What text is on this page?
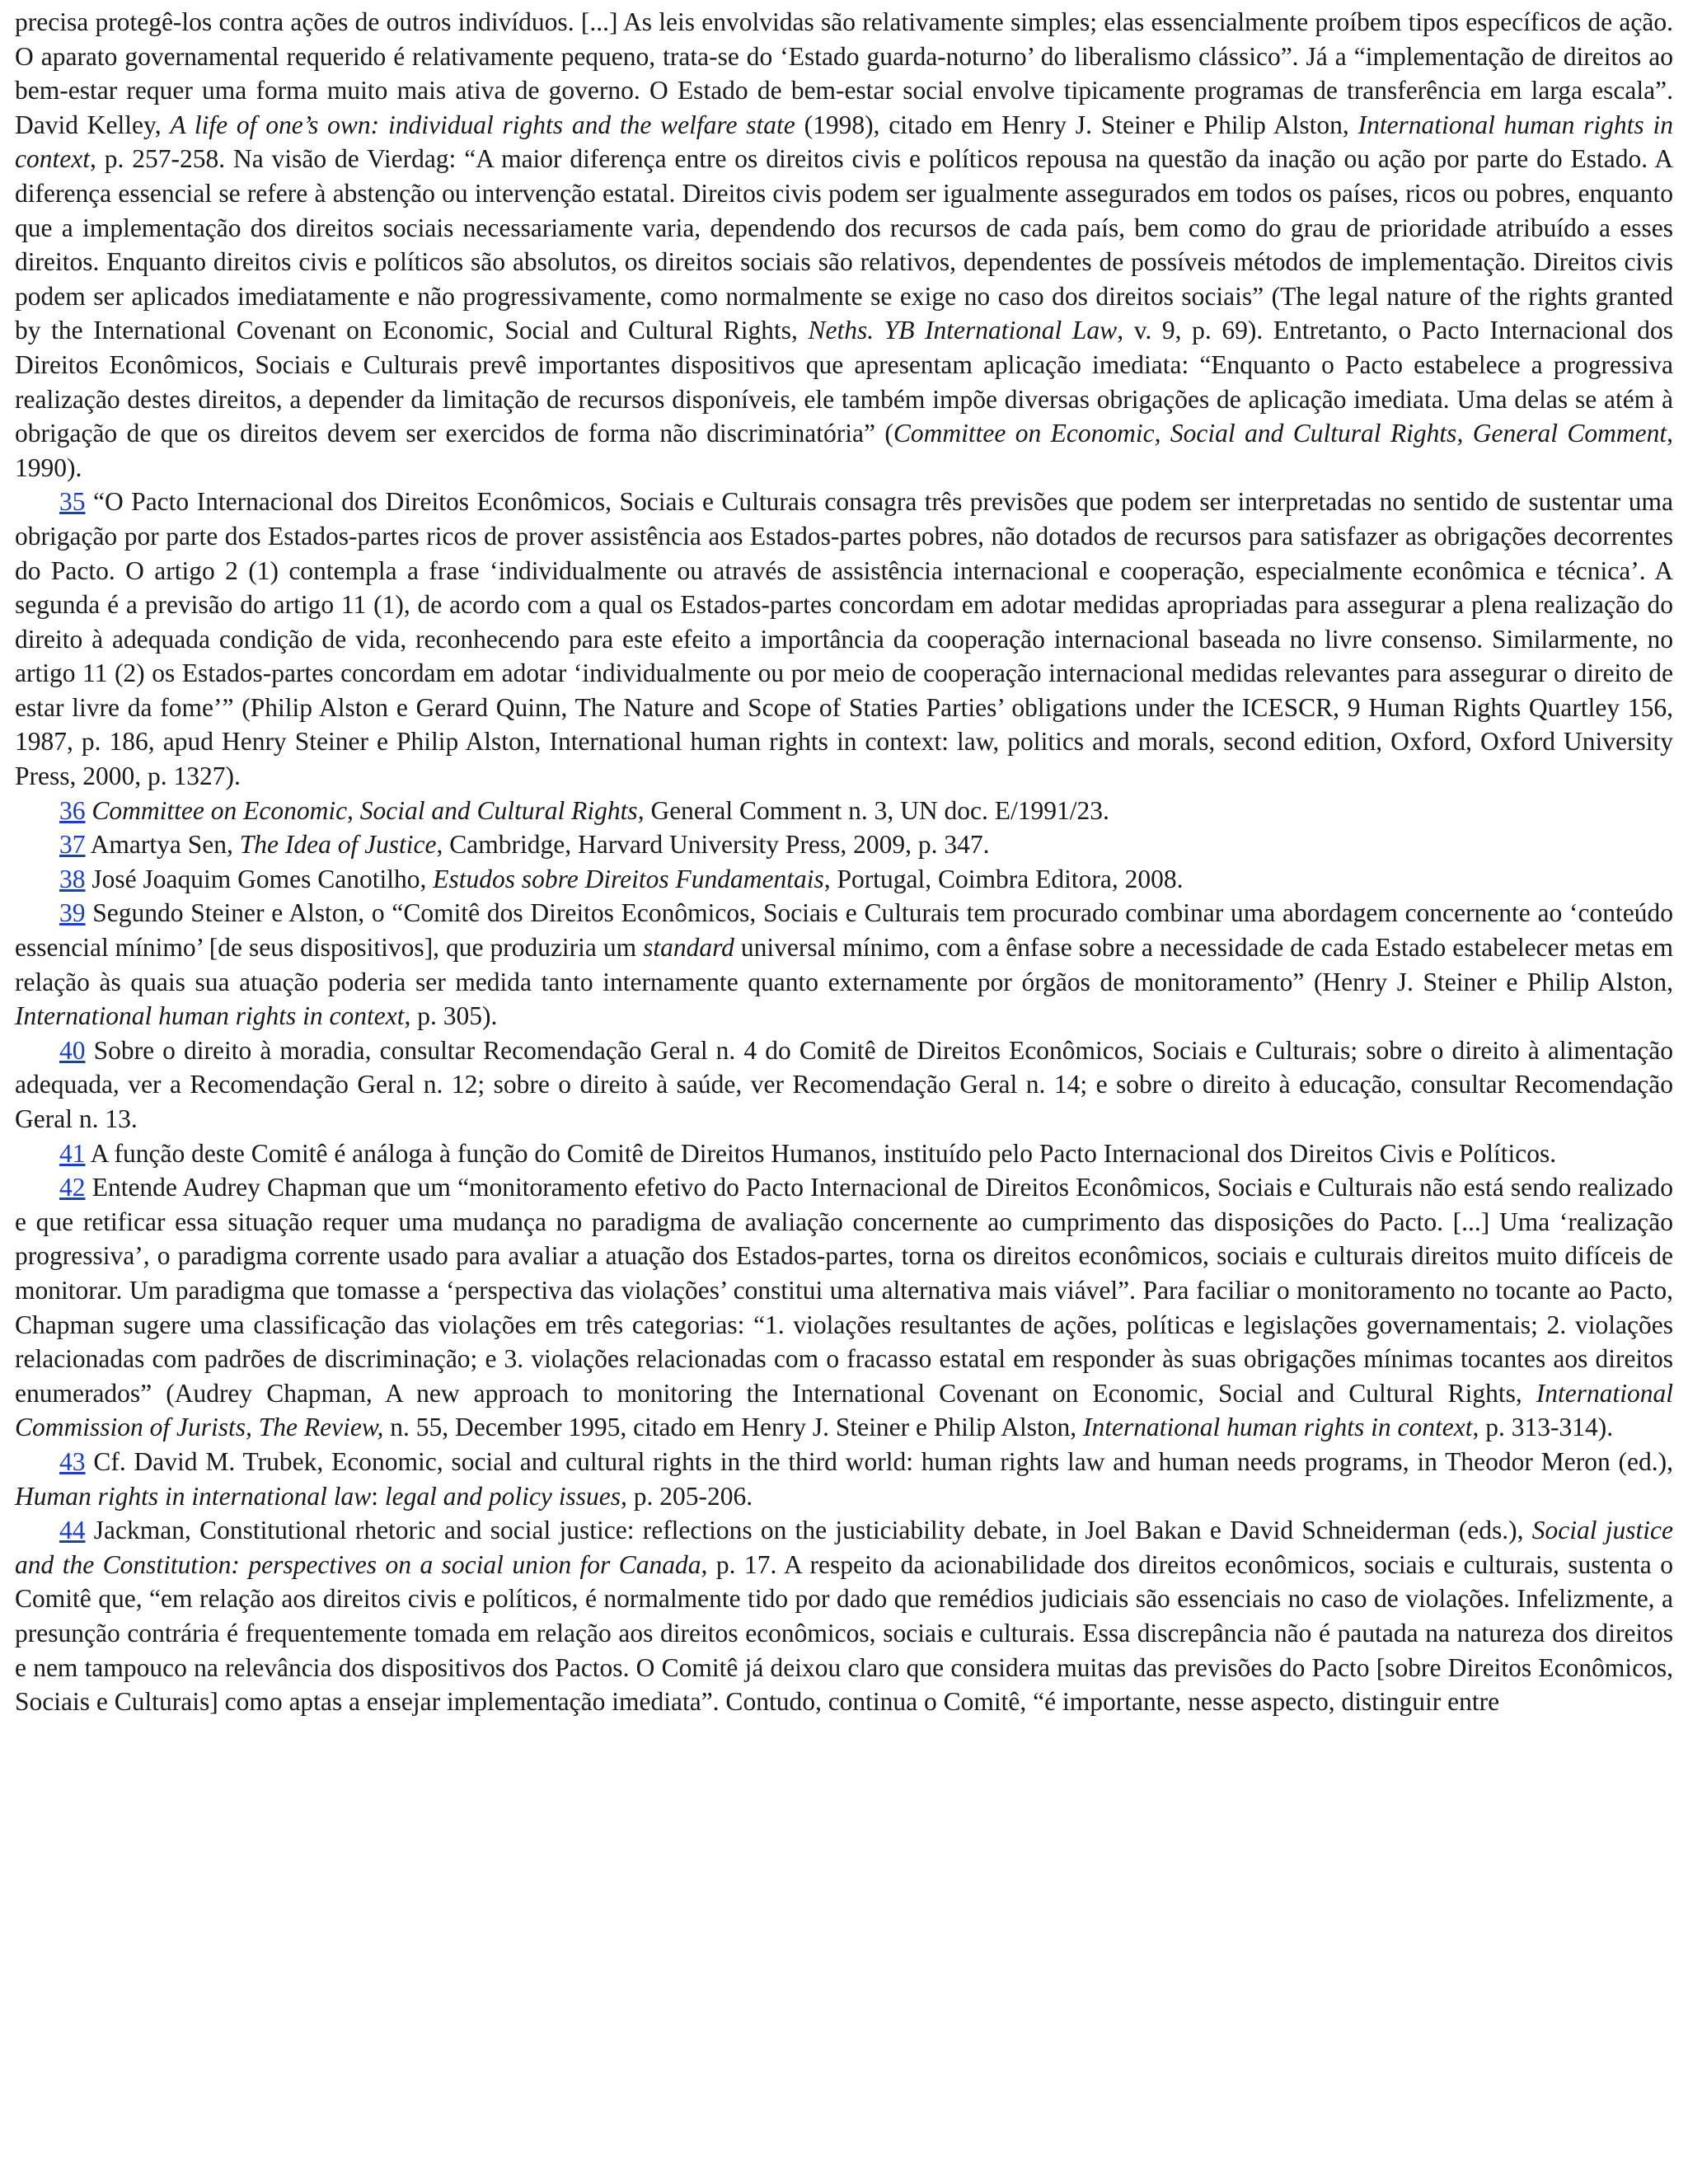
precisa protegê-los contra ações de outros indivíduos. [...] As leis envolvidas são relativamente simples; elas essencialmente proíbem tipos específicos de ação. O aparato governamental requerido é relativamente pequeno, trata-se do ‘Estado guarda-noturno’ do liberalismo clássico”. Já a “implementação de direitos ao bem-estar requer uma forma muito mais ativa de governo. O Estado de bem-estar social envolve tipicamente programas de transferência em larga escala”. David Kelley, A life of one’s own: individual rights and the welfare state (1998), citado em Henry J. Steiner e Philip Alston, International human rights in context, p. 257-258. Na visão de Vierdag: “A maior diferença entre os direitos civis e políticos repousa na questão da inação ou ação por parte do Estado. A diferença essencial se refere à abstenção ou intervenção estatal. Direitos civis podem ser igualmente assegurados em todos os países, ricos ou pobres, enquanto que a implementação dos direitos sociais necessariamente varia, dependendo dos recursos de cada país, bem como do grau de prioridade atribuído a esses direitos. Enquanto direitos civis e políticos são absolutos, os direitos sociais são relativos, dependentes de possíveis métodos de implementação. Direitos civis podem ser aplicados imediatamente e não progressivamente, como normalmente se exige no caso dos direitos sociais” (The legal nature of the rights granted by the International Covenant on Economic, Social and Cultural Rights, Neths. YB International Law, v. 9, p. 69). Entretanto, o Pacto Internacional dos Direitos Econômicos, Sociais e Culturais prevê importantes dispositivos que apresentam aplicação imediata: “Enquanto o Pacto estabelece a progressiva realização destes direitos, a depender da limitação de recursos disponíveis, ele também impõe diversas obrigações de aplicação imediata. Uma delas se atém à obrigação de que os direitos devem ser exercidos de forma não discriminatória” (Committee on Economic, Social and Cultural Rights, General Comment, 1990).

35 “O Pacto Internacional dos Direitos Econômicos, Sociais e Culturais consagra três previsões que podem ser interpretadas no sentido de sustentar uma obrigação por parte dos Estados-partes ricos de prover assistência aos Estados-partes pobres, não dotados de recursos para satisfazer as obrigações decorrentes do Pacto. O artigo 2 (1) contempla a frase ‘individualmente ou através de assistência internacional e cooperação, especialmente econômica e técnica’. A segunda é a previsão do artigo 11 (1), de acordo com a qual os Estados-partes concordam em adotar medidas apropriadas para assegurar a plena realização do direito à adequada condição de vida, reconhecendo para este efeito a importância da cooperação internacional baseada no livre consenso. Similarmente, no artigo 11 (2) os Estados-partes concordam em adotar ‘individualmente ou por meio de cooperação internacional medidas relevantes para assegurar o direito de estar livre da fome’” (Philip Alston e Gerard Quinn, The Nature and Scope of Staties Parties’ obligations under the ICESCR, 9 Human Rights Quartley 156, 1987, p. 186, apud Henry Steiner e Philip Alston, International human rights in context: law, politics and morals, second edition, Oxford, Oxford University Press, 2000, p. 1327).

36 Committee on Economic, Social and Cultural Rights, General Comment n. 3, UN doc. E/1991/23.

37 Amartya Sen, The Idea of Justice, Cambridge, Harvard University Press, 2009, p. 347.

38 José Joaquim Gomes Canotilho, Estudos sobre Direitos Fundamentais, Portugal, Coimbra Editora, 2008.

39 Segundo Steiner e Alston, o “Comitê dos Direitos Econômicos, Sociais e Culturais tem procurado combinar uma abordagem concernente ao ‘conteúdo essencial mínimo’ [de seus dispositivos], que produziria um standard universal mínimo, com a ênfase sobre a necessidade de cada Estado estabelecer metas em relação às quais sua atuação poderia ser medida tanto internamente quanto externamente por órgãos de monitoramento” (Henry J. Steiner e Philip Alston, International human rights in context, p. 305).

40 Sobre o direito à moradia, consultar Recomendação Geral n. 4 do Comitê de Direitos Econômicos, Sociais e Culturais; sobre o direito à alimentação adequada, ver a Recomendação Geral n. 12; sobre o direito à saúde, ver Recomendação Geral n. 14; e sobre o direito à educação, consultar Recomendação Geral n. 13.

41 A função deste Comitê é análoga à função do Comitê de Direitos Humanos, instituído pelo Pacto Internacional dos Direitos Civis e Políticos.

42 Entende Audrey Chapman que um “monitoramento efetivo do Pacto Internacional de Direitos Econômicos, Sociais e Culturais não está sendo realizado e que retificar essa situação requer uma mudança no paradigma de avaliação concernente ao cumprimento das disposições do Pacto. [...] Uma ‘realização progressiva’, o paradigma corrente usado para avaliar a atuação dos Estados-partes, torna os direitos econômicos, sociais e culturais direitos muito difíceis de monitorar. Um paradigma que tomasse a ‘perspectiva das violações’ constitui uma alternativa mais viável”. Para faciliar o monitoramento no tocante ao Pacto, Chapman sugere uma classificação das violações em três categorias: “1. violações resultantes de ações, políticas e legislações governamentais; 2. violações relacionadas com padrões de discriminação; e 3. violações relacionadas com o fracasso estatal em responder às suas obrigações mínimas tocantes aos direitos enumerados” (Audrey Chapman, A new approach to monitoring the International Covenant on Economic, Social and Cultural Rights, International Commission of Jurists, The Review, n. 55, December 1995, citado em Henry J. Steiner e Philip Alston, International human rights in context, p. 313-314).

43 Cf. David M. Trubek, Economic, social and cultural rights in the third world: human rights law and human needs programs, in Theodor Meron (ed.), Human rights in international law: legal and policy issues, p. 205-206.

44 Jackman, Constitutional rhetoric and social justice: reflections on the justiciability debate, in Joel Bakan e David Schneiderman (eds.), Social justice and the Constitution: perspectives on a social union for Canada, p. 17. A respeito da acionabilidade dos direitos econômicos, sociais e culturais, sustenta o Comitê que, “em relação aos direitos civis e políticos, é normalmente tido por dado que remédios judiciais são essenciais no caso de violações. Infelizmente, a presunção contrária é frequentemente tomada em relação aos direitos econômicos, sociais e culturais. Essa discrepância não é pautada na natureza dos direitos e nem tampouco na relevância dos dispositivos dos Pactos. O Comitê já deixou claro que considera muitas das previsões do Pacto [sobre Direitos Econômicos, Sociais e Culturais] como aptas a ensejar implementação imediata”. Contudo, continua o Comitê, “é importante, nesse aspecto, distinguir entre
